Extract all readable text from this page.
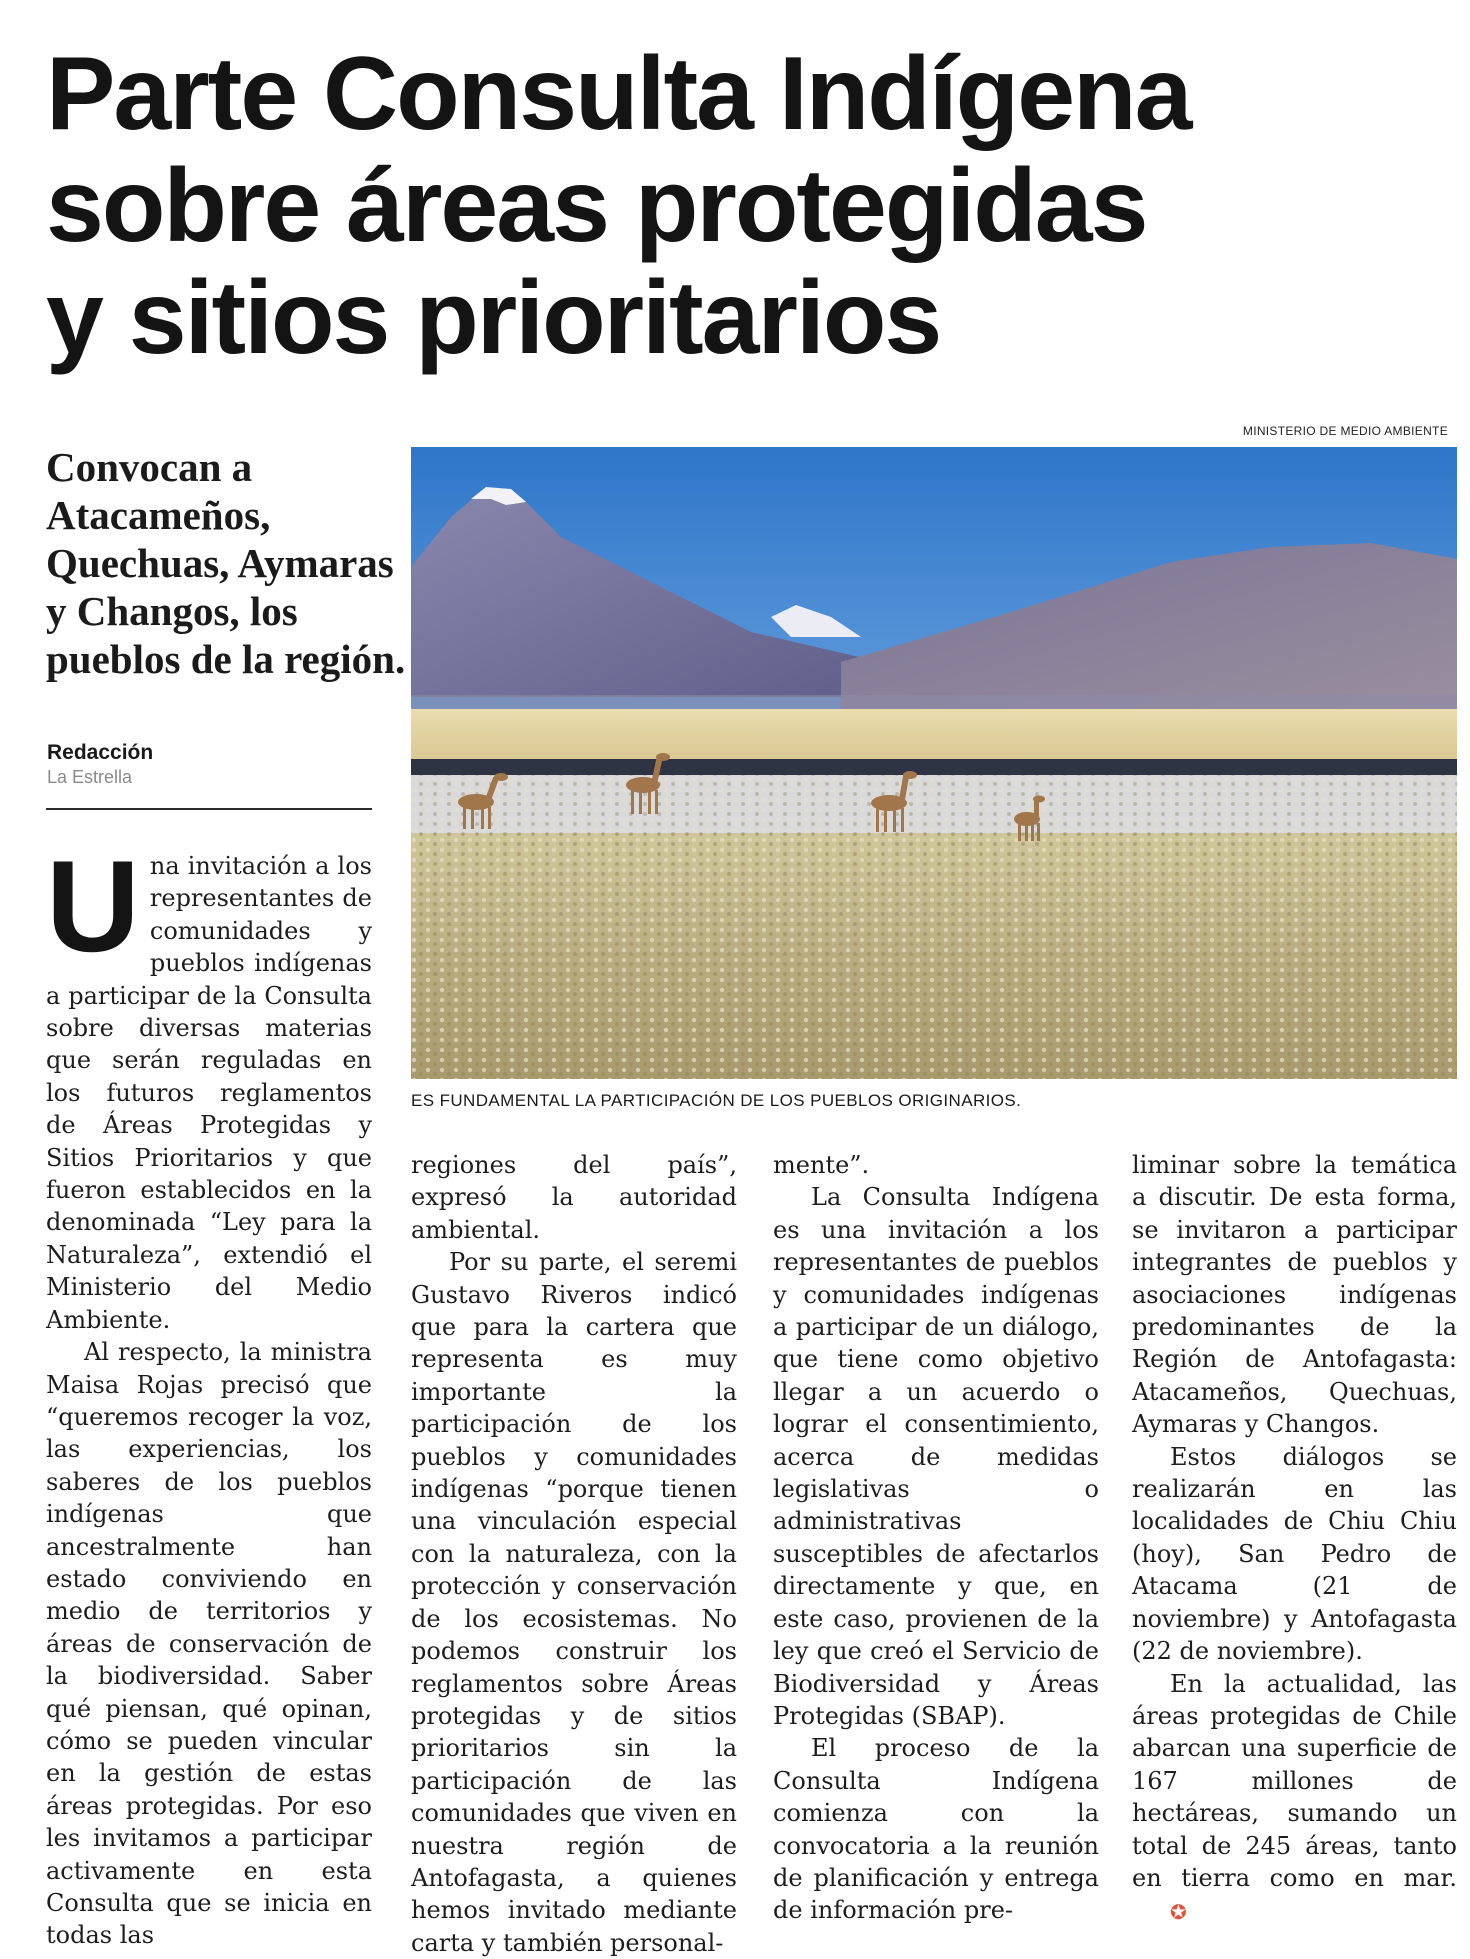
Parte Consulta Indígena
sobre áreas protegidas
y sitios prioritarios
MINISTERIO DE MEDIO AMBIENTE
Convocan a Atacameños, Quechuas, Aymaras y Changos, los pueblos de la región.
Redacción
La Estrella
ES FUNDAMENTAL LA PARTICIPACIÓN DE LOS PUEBLOS ORIGINARIOS.

Una invitación a los representantes de comunidades y pueblos indígenas a participar de la Consulta sobre diversas materias que serán reguladas en los futuros reglamentos de Áreas Protegidas y Sitios Prioritarios y que fueron establecidos en la denominada “Ley para la Naturaleza”, extendió el Ministerio del Medio Ambiente.

Al respecto, la ministra Maisa Rojas precisó que “queremos recoger la voz, las experiencias, los saberes de los pueblos indígenas que ancestralmente han estado conviviendo en medio de territorios y áreas de conservación de la biodiversidad. Saber qué piensan, qué opinan, cómo se pueden vincular en la gestión de estas áreas protegidas. Por eso les invitamos a participar activamente en esta Consulta que se inicia en todas las

regiones del país”, expresó la autoridad ambiental.

Por su parte, el seremi Gustavo Riveros indicó que para la cartera que representa es muy importante la participación de los pueblos y comunidades indígenas “porque tienen una vinculación especial con la naturaleza, con la protección y conservación de los ecosistemas. No podemos construir los reglamentos sobre Áreas protegidas y de sitios prioritarios sin la participación de las comunidades que viven en nuestra región de Antofagasta, a quienes hemos invitado mediante carta y también personal-

mente”.

La Consulta Indígena es una invitación a los representantes de pueblos y comunidades indígenas a participar de un diálogo, que tiene como objetivo llegar a un acuerdo o lograr el consentimiento, acerca de medidas legislativas o administrativas susceptibles de afectarlos directamente y que, en este caso, provienen de la ley que creó el Servicio de Biodiversidad y Áreas Protegidas (SBAP).

El proceso de la Consulta Indígena comienza con la convocatoria a la reunión de planificación y entrega de información pre-

liminar sobre la temática a discutir. De esta forma, se invitaron a participar integrantes de pueblos y asociaciones indígenas predominantes de la Región de Antofagasta: Atacameños, Quechuas, Aymaras y Changos.

Estos diálogos se realizarán en las localidades de Chiu Chiu (hoy), San Pedro de Atacama (21 de noviembre) y Antofagasta (22 de noviembre).

En la actualidad, las áreas protegidas de Chile abarcan una superficie de 167 millones de hectáreas, sumando un total de 245 áreas, tanto en tierra como en mar. ✪
